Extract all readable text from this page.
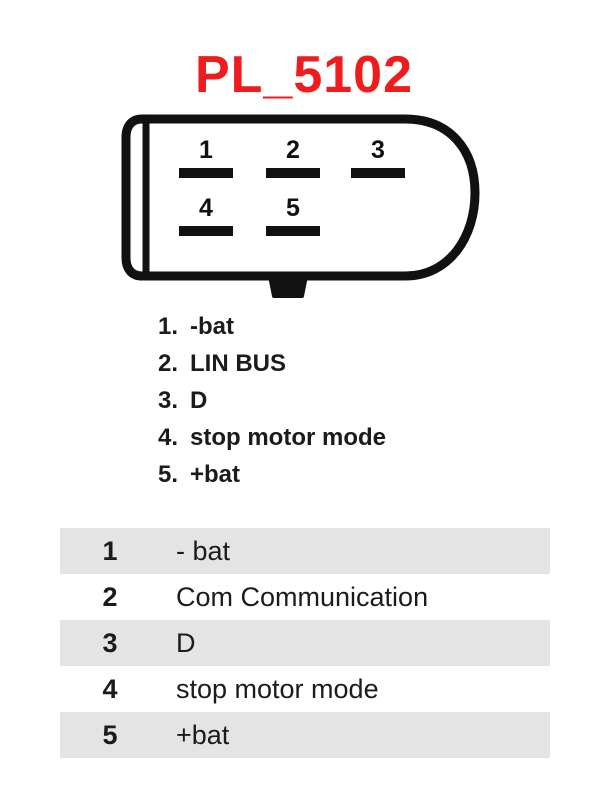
PL_5102
1	2	3
4	5
1. -bat
2. LIN BUS
3. D
4. stop motor mode
5. +bat
1	- bat
2	Com Communication
3	D
4	stop motor mode
5	+bat
